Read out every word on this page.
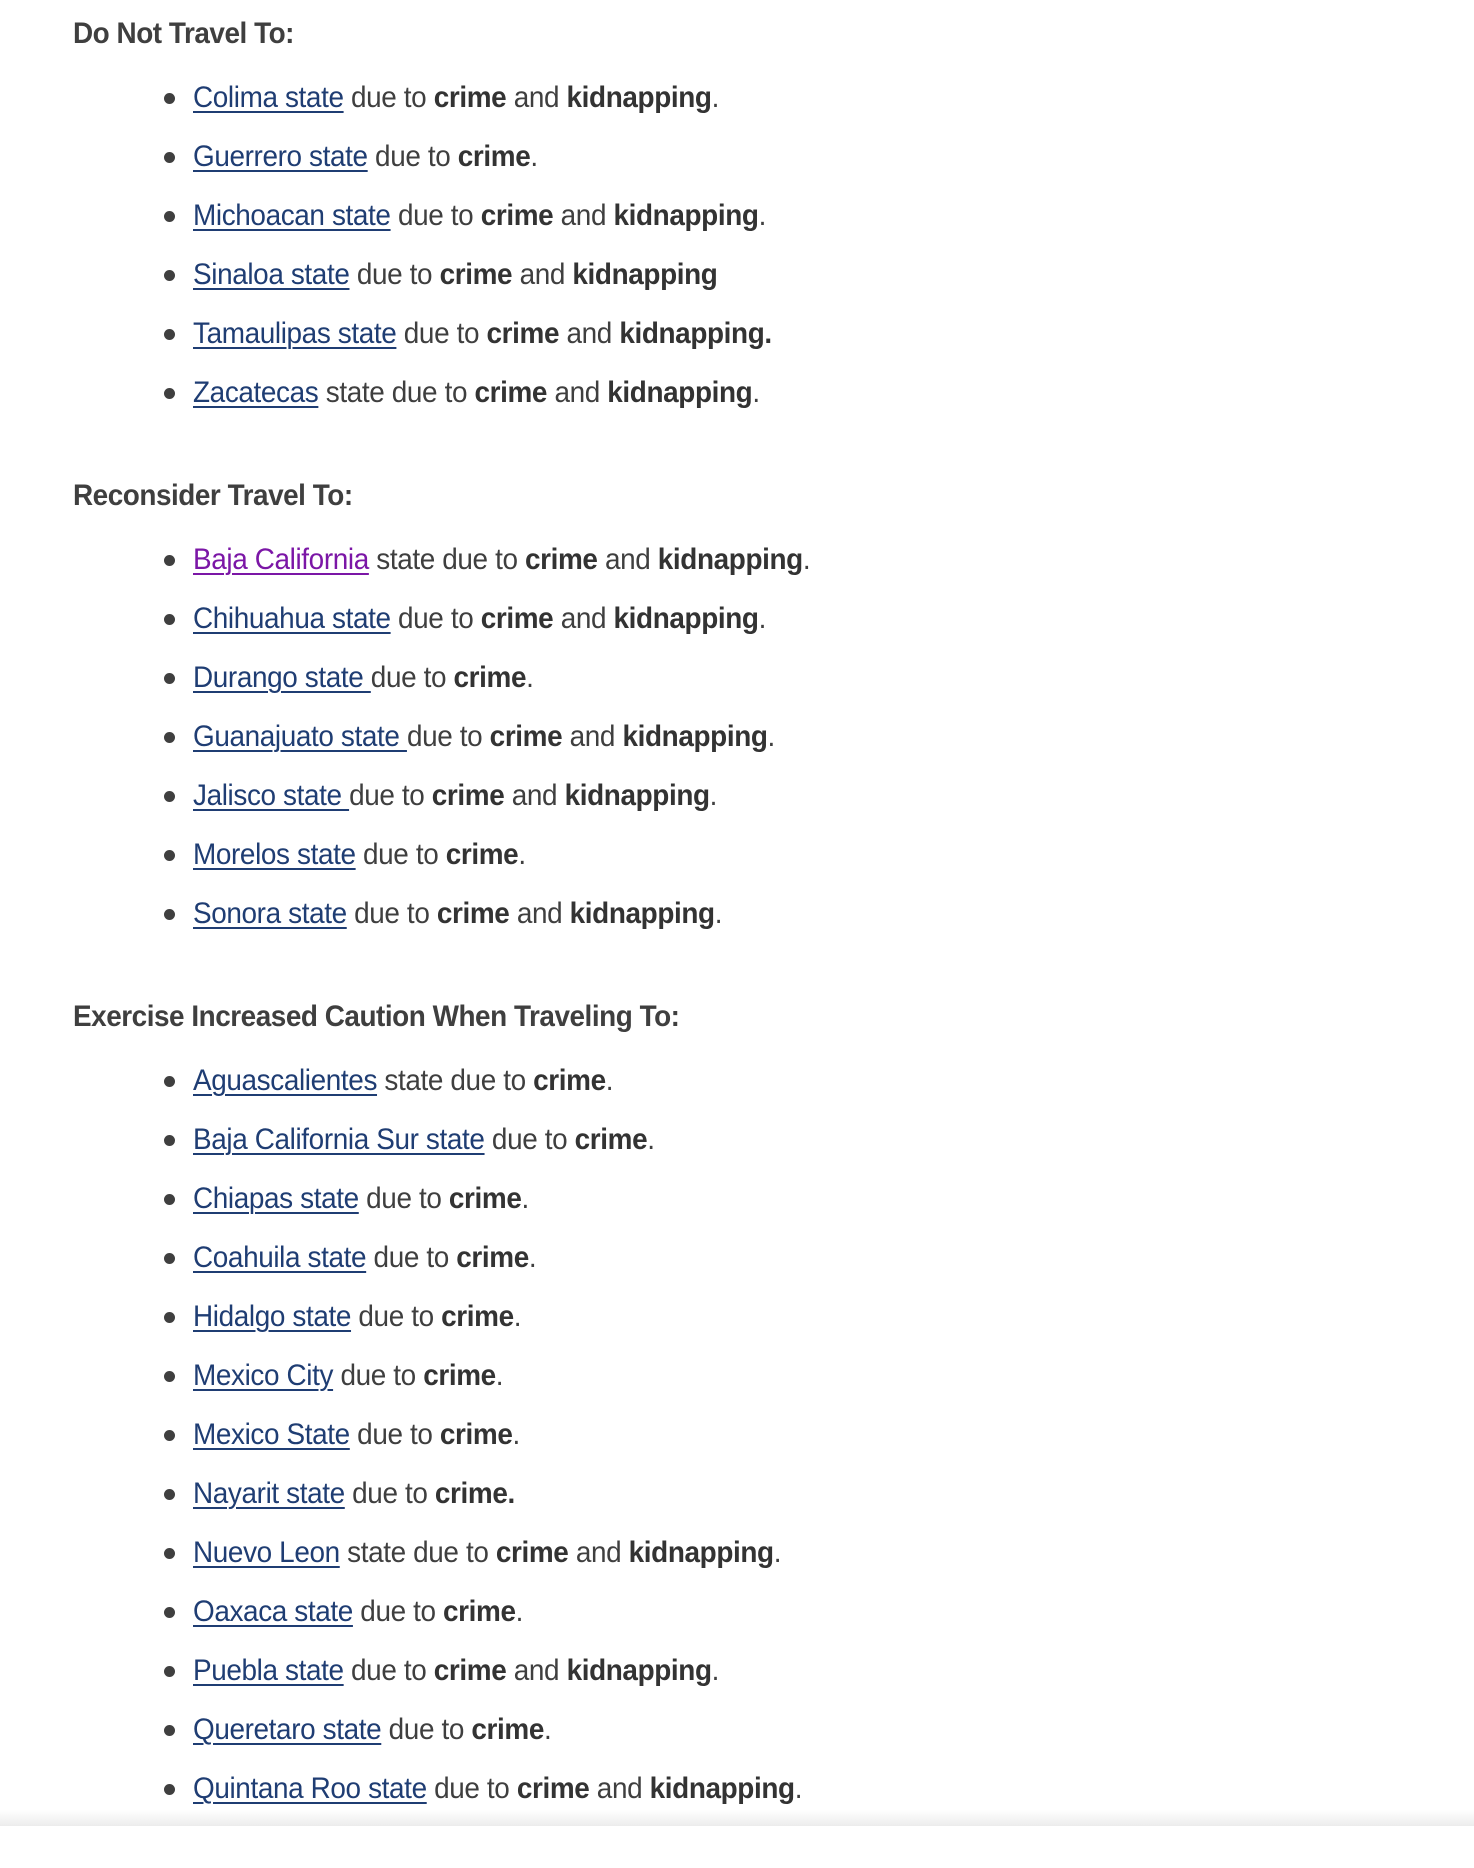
Do Not Travel To:
Colima state due to crime and kidnapping.
Guerrero state due to crime.
Michoacan state due to crime and kidnapping.
Sinaloa state due to crime and kidnapping
Tamaulipas state due to crime and kidnapping.
Zacatecas state due to crime and kidnapping.
Reconsider Travel To:
Baja California state due to crime and kidnapping.
Chihuahua state due to crime and kidnapping.
Durango state due to crime.
Guanajuato state due to crime and kidnapping.
Jalisco state due to crime and kidnapping.
Morelos state due to crime.
Sonora state due to crime and kidnapping.
Exercise Increased Caution When Traveling To:
Aguascalientes state due to crime.
Baja California Sur state due to crime.
Chiapas state due to crime.
Coahuila state due to crime.
Hidalgo state due to crime.
Mexico City due to crime.
Mexico State due to crime.
Nayarit state due to crime.
Nuevo Leon state due to crime and kidnapping.
Oaxaca state due to crime.
Puebla state due to crime and kidnapping.
Queretaro state due to crime.
Quintana Roo state due to crime and kidnapping.
